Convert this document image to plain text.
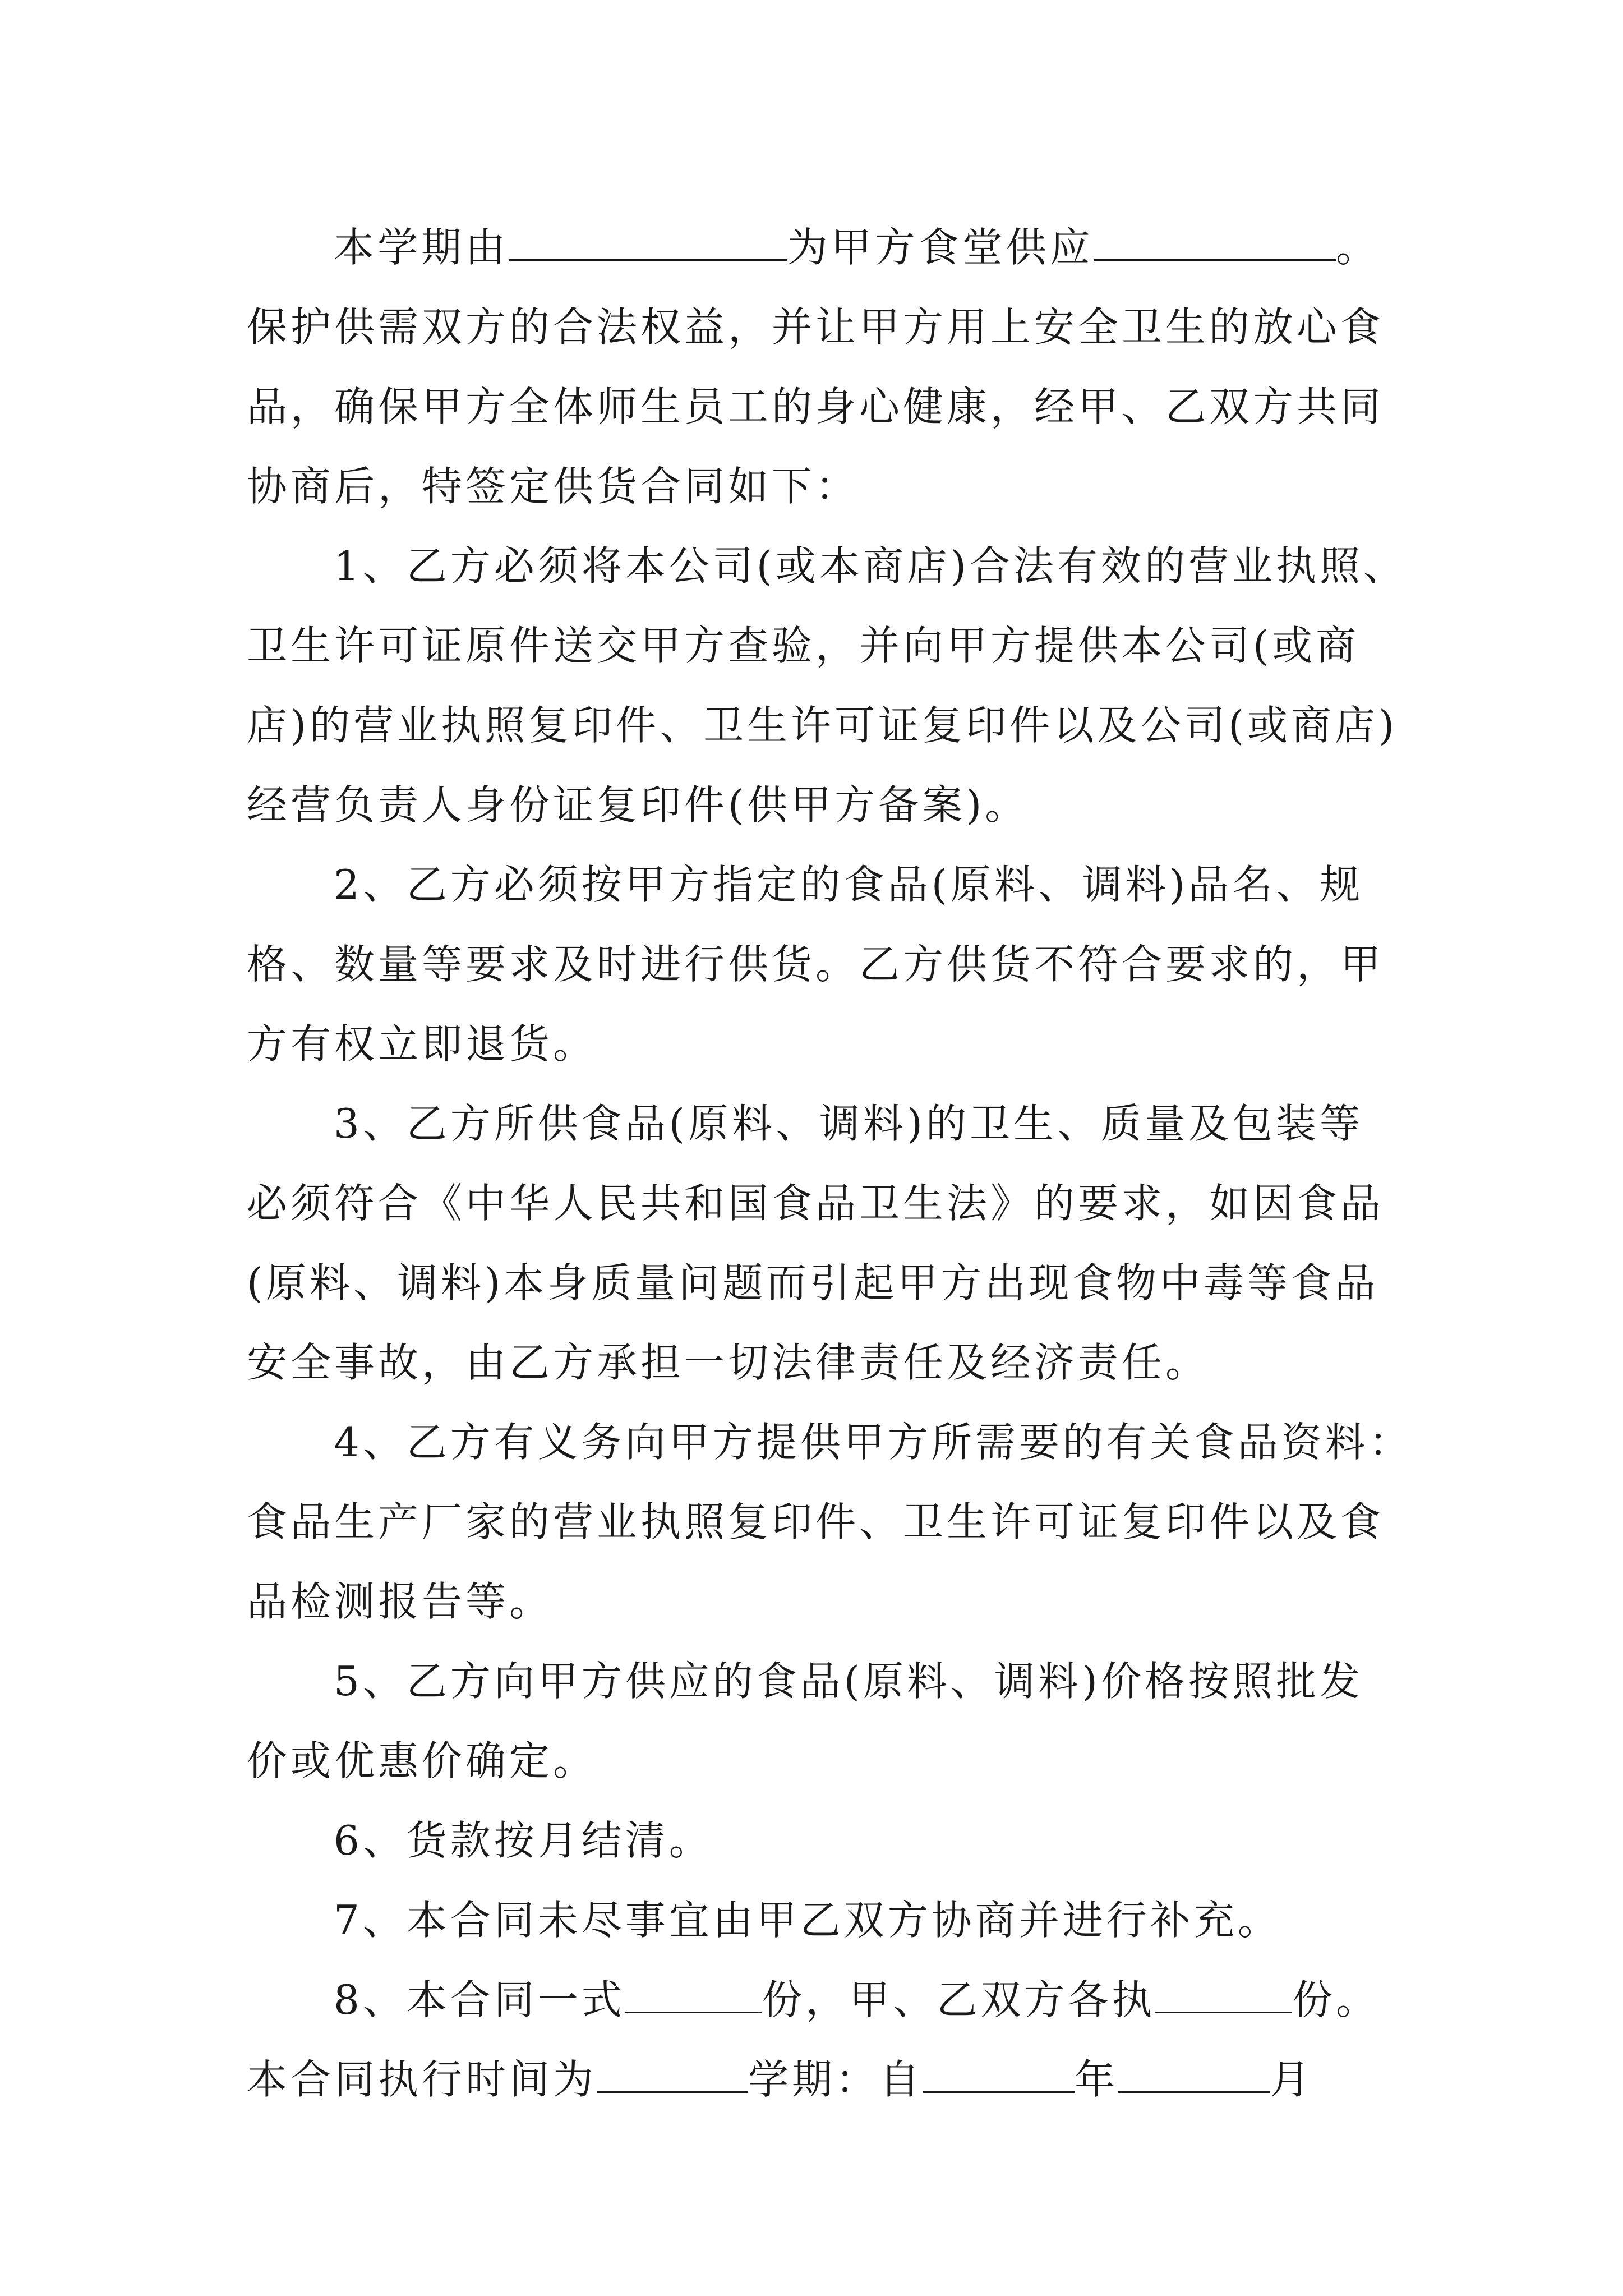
本学期由	为甲方食堂供应	。
保护供需双方的合法权益，并让甲方用上安全卫生的放心食
品，确保甲方全体师生员工的身心健康，经甲、乙双方共同
协商后，特签定供货合同如下：
1、乙方必须将本公司(或本商店)合法有效的营业执照、
卫生许可证原件送交甲方查验，并向甲方提供本公司(或商
店)的营业执照复印件、卫生许可证复印件以及公司(或商店)
经营负责人身份证复印件(供甲方备案)。
2、乙方必须按甲方指定的食品(原料、调料)品名、规
格、数量等要求及时进行供货。乙方供货不符合要求的，甲
方有权立即退货。
3、乙方所供食品(原料、调料)的卫生、质量及包装等
必须符合《中华人民共和国食品卫生法》的要求，如因食品
(原料、调料)本身质量问题而引起甲方出现食物中毒等食品
安全事故，由乙方承担一切法律责任及经济责任。
4、乙方有义务向甲方提供甲方所需要的有关食品资料：
食品生产厂家的营业执照复印件、卫生许可证复印件以及食
品检测报告等。
5、乙方向甲方供应的食品(原料、调料)价格按照批发
价或优惠价确定。
6、货款按月结清。
7、本合同未尽事宜由甲乙双方协商并进行补充。
8、本合同一式	份，甲、乙双方各执	份。
本合同执行时间为	学期：自	年	月
